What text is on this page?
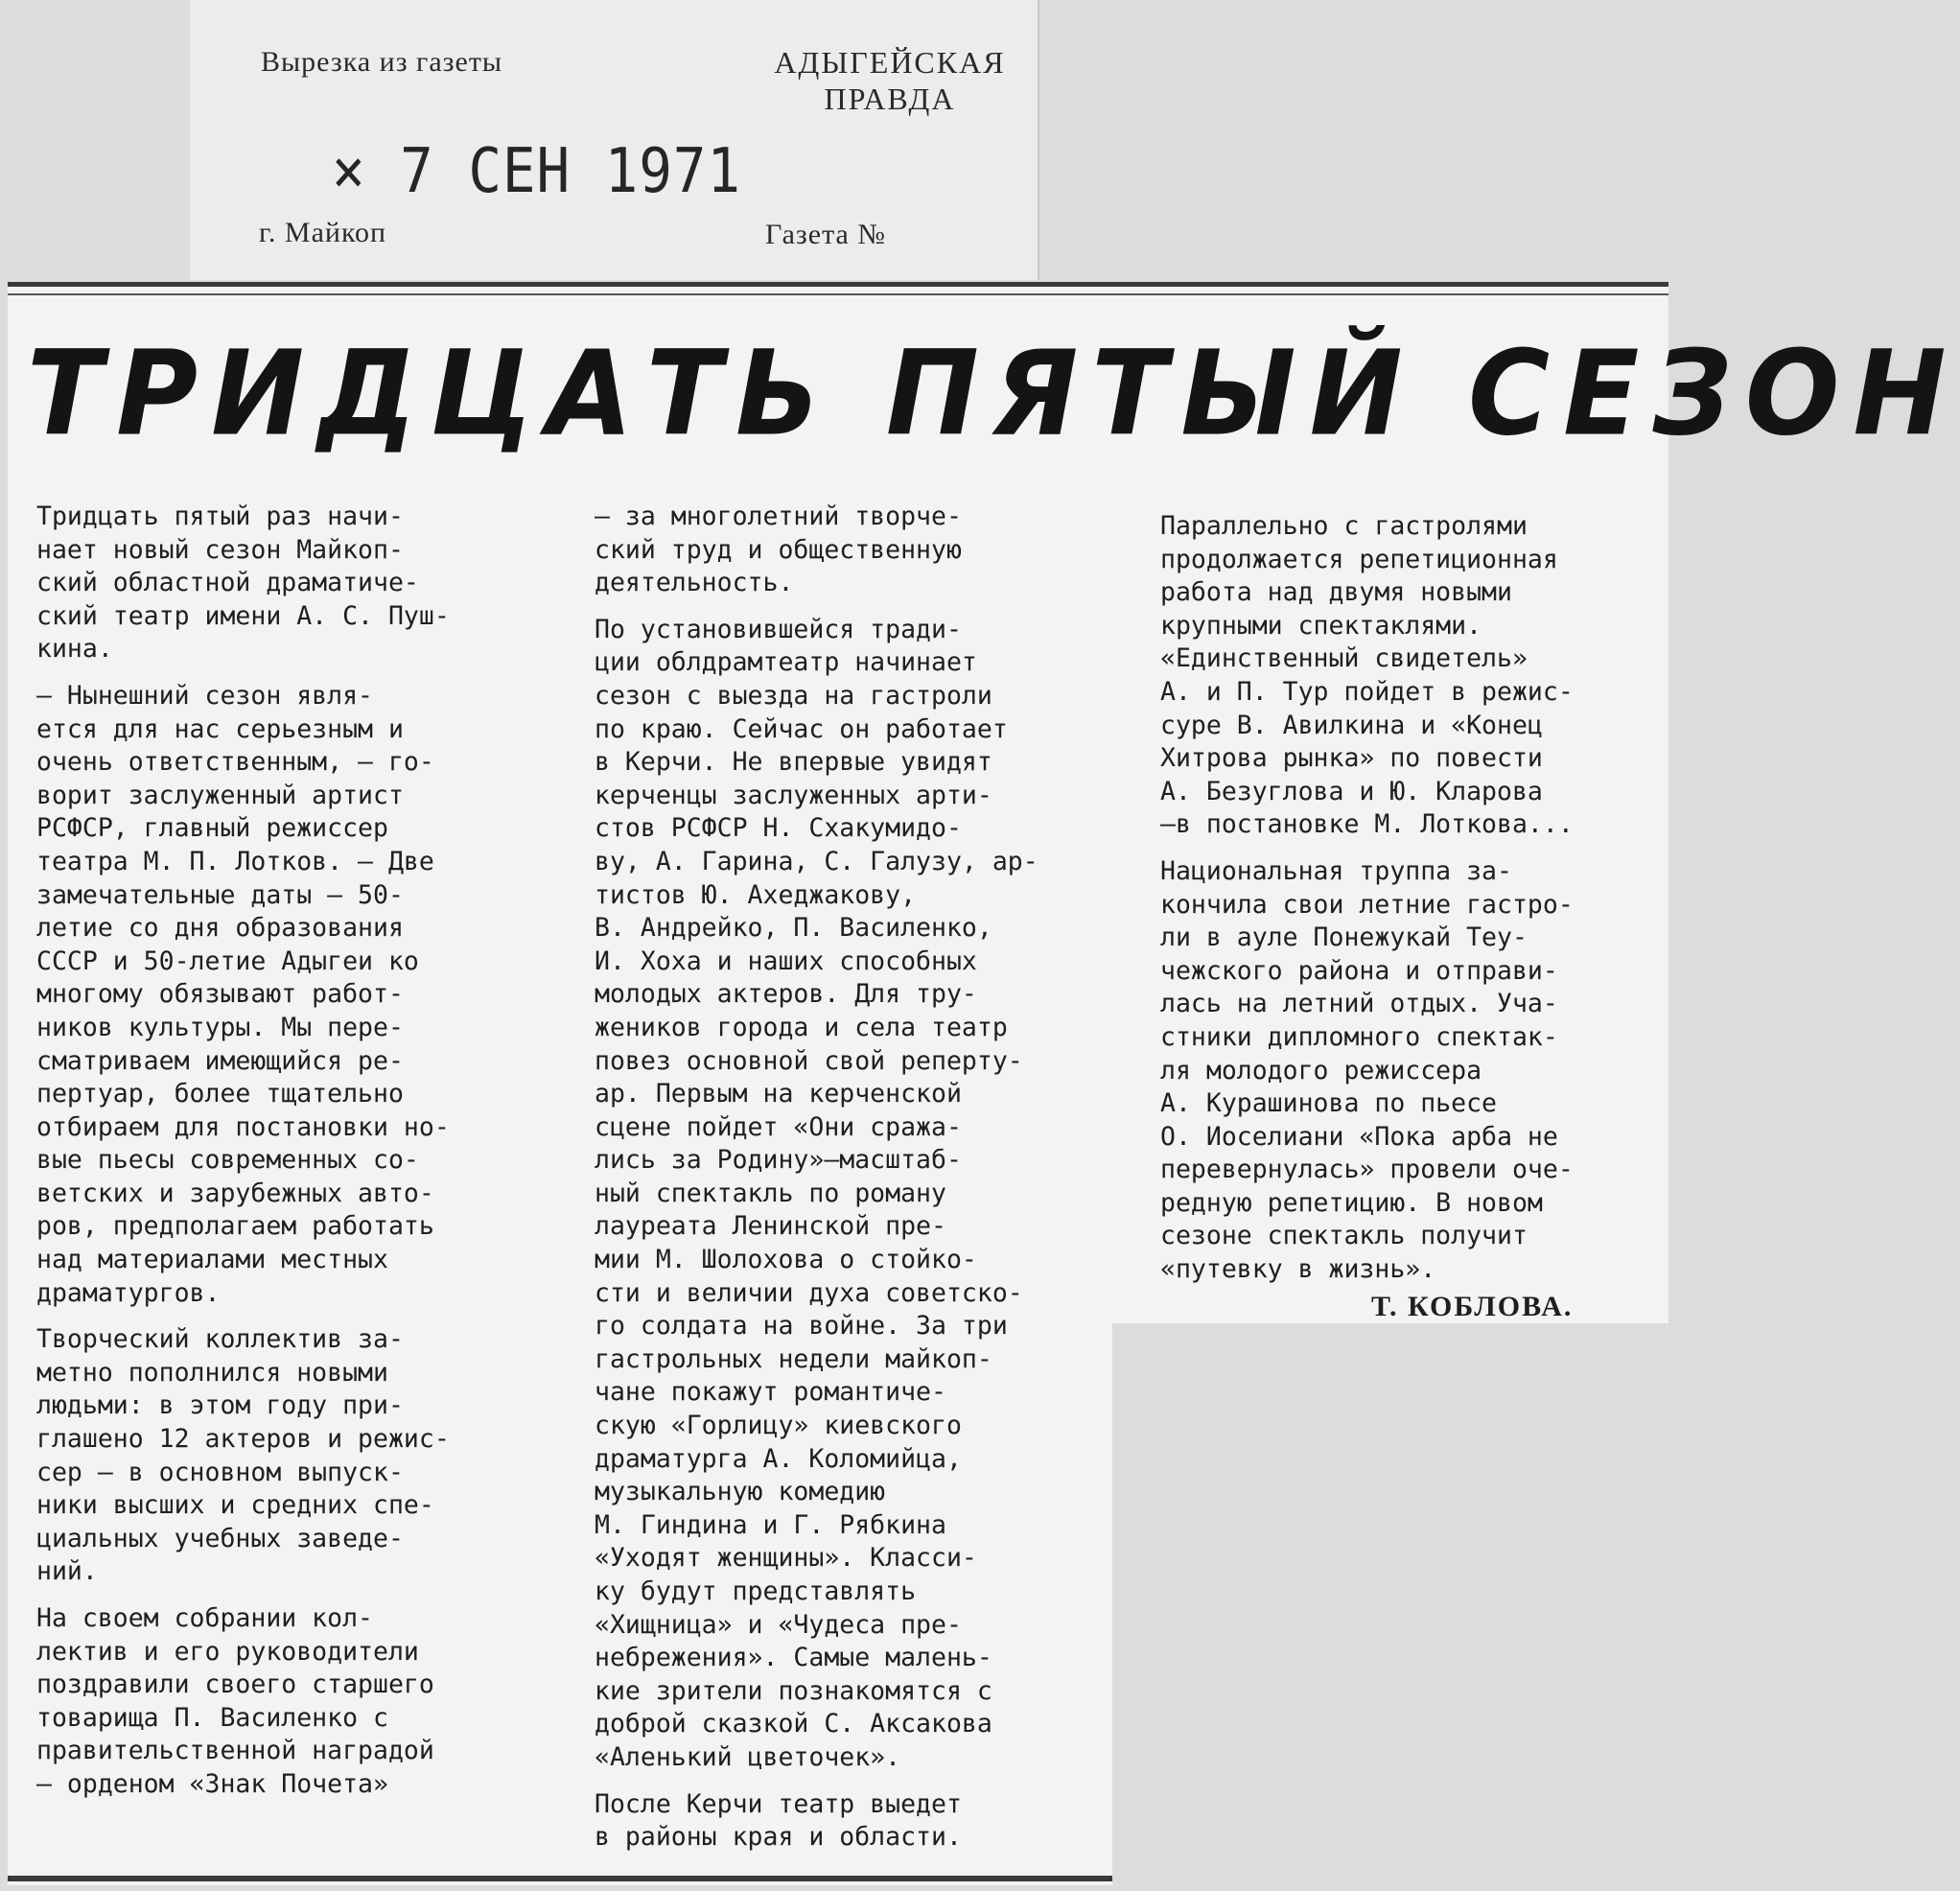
Вырезка из газеты	АДЫГЕЙСКАЯ ПРАВДА
× 7 СЕН 1971
г. Майкоп	Газета №
ТРИДЦАТЬ ПЯТЫЙ СЕЗОН

Тридцать пятый раз начи-
нает новый сезон Майкоп-
ский областной драматиче-
ский театр имени А. С. Пуш-
кина.

— Нынешний сезон явля-
ется для нас серьезным и
очень ответственным, — го-
ворит заслуженный артист
РСФСР, главный режиссер
театра М. П. Лотков. — Две
замечательные даты — 50-
летие со дня образования
СССР и 50-летие Адыгеи ко
многому обязывают работ-
ников культуры. Мы пере-
сматриваем имеющийся ре-
пертуар, более тщательно
отбираем для постановки но-
вые пьесы современных со-
ветских и зарубежных авто-
ров, предполагаем работать
над материалами местных
драматургов.

Творческий коллектив за-
метно пополнился новыми
людьми: в этом году при-
глашено 12 актеров и режис-
сер — в основном выпуск-
ники высших и средних спе-
циальных учебных заведе-
ний.

На своем собрании кол-
лектив и его руководители
поздравили своего старшего
товарища П. Василенко с
правительственной наградой
— орденом «Знак Почета»

— за многолетний творче-
ский труд и общественную
деятельность.

По установившейся тради-
ции облдрамтеатр начинает
сезон с выезда на гастроли
по краю. Сейчас он работает
в Керчи. Не впервые увидят
керченцы заслуженных арти-
стов РСФСР Н. Схакумидо-
ву, А. Гарина, С. Галузу, ар-
тистов Ю. Ахеджакову,
В. Андрейко, П. Василенко,
И. Хоха и наших способных
молодых актеров. Для тру-
жеников города и села театр
повез основной свой реперту-
ар. Первым на керченской
сцене пойдет «Они сража-
лись за Родину»—масштаб-
ный спектакль по роману
лауреата Ленинской пре-
мии М. Шолохова о стойко-
сти и величии духа советско-
го солдата на войне. За три
гастрольных недели майкоп-
чане покажут романтиче-
скую «Горлицу» киевского
драматурга А. Коломийца,
музыкальную комедию
М. Гиндина и Г. Рябкина
«Уходят женщины». Класси-
ку будут представлять
«Хищница» и «Чудеса пре-
небрежения». Самые малень-
кие зрители познакомятся с
доброй сказкой С. Аксакова
«Аленький цветочек».

После Керчи театр выедет
в районы края и области.

Параллельно с гастролями
продолжается репетиционная
работа над двумя новыми
крупными спектаклями.
«Единственный свидетель»
А. и П. Тур пойдет в режис-
суре В. Авилкина и «Конец
Хитрова рынка» по повести
А. Безуглова и Ю. Кларова
—в постановке М. Лоткова...

Национальная труппа за-
кончила свои летние гастро-
ли в ауле Понежукай Теу-
чежского района и отправи-
лась на летний отдых. Уча-
стники дипломного спектак-
ля молодого режиссера
А. Курашинова по пьесе
О. Иоселиани «Пока арба не
перевернулась» провели оче-
редную репетицию. В новом
сезоне спектакль получит
«путевку в жизнь».

Т. КОБЛОВА.
